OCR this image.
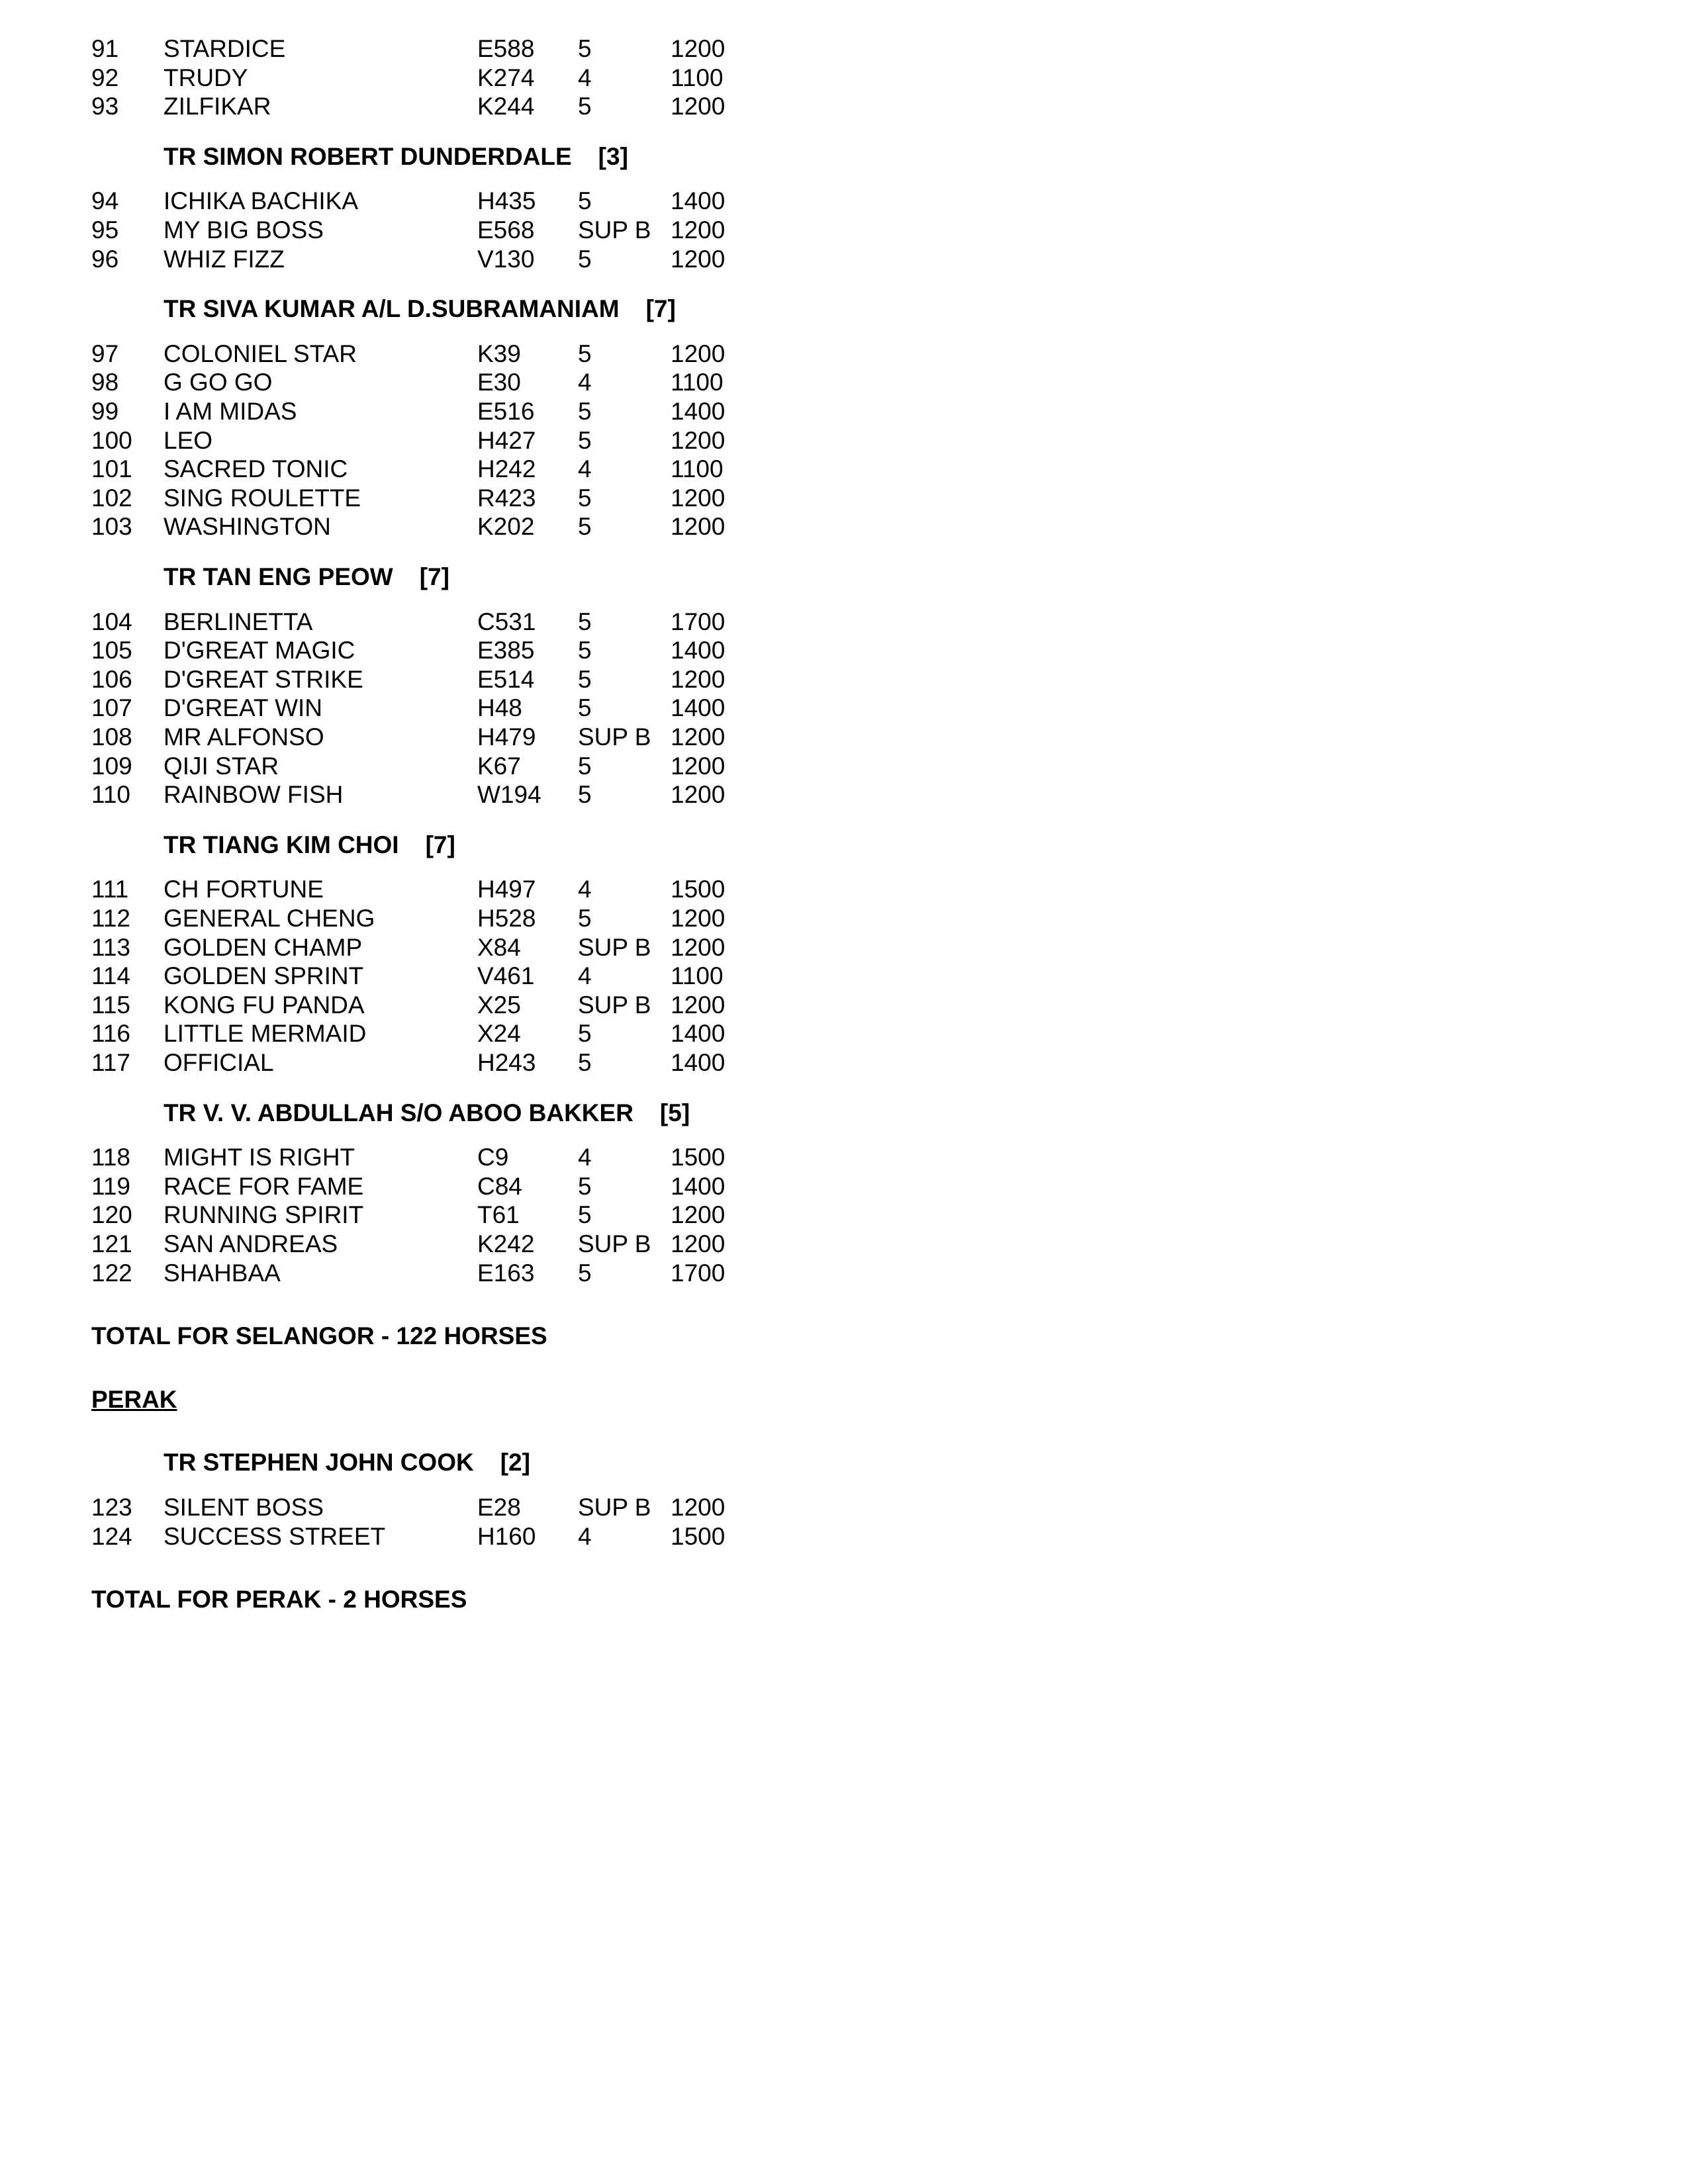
91 STARDICE	E588 5	1200
92 TRUDY	K274 4	1100
93 ZILFIKAR	K244 5	1200
TR SIMON ROBERT DUNDERDALE [3]
94 ICHIKA BACHIKA	H435 5	1400
95 MY BIG BOSS	E568 SUP B 1200
96 WHIZ FIZZ	V130 5	1200
TR SIVA KUMAR A/L D.SUBRAMANIAM [7]
97 COLONIEL STAR	K39 5	1200
98 G GO GO	E30 4	1100
99 I AM MIDAS	E516 5	1400
100 LEO	H427 5	1200
101 SACRED TONIC	H242 4	1100
102 SING ROULETTE	R423 5	1200
103 WASHINGTON	K202 5	1200
TR TAN ENG PEOW [7]
104 BERLINETTA	C531 5	1700
105 D'GREAT MAGIC	E385 5	1400
106 D'GREAT STRIKE	E514 5	1200
107 D'GREAT WIN	H48 5	1400
108 MR ALFONSO	H479 SUP B 1200
109 QIJI STAR	K67 5	1200
110 RAINBOW FISH	W194 5	1200
TR TIANG KIM CHOI [7]
111 CH FORTUNE	H497 4	1500
112 GENERAL CHENG	H528 5	1200
113 GOLDEN CHAMP	X84 SUP B 1200
114 GOLDEN SPRINT	V461 4	1100
115 KONG FU PANDA	X25 SUP B 1200
116 LITTLE MERMAID	X24 5	1400
117 OFFICIAL	H243 5	1400
TR V. V. ABDULLAH S/O ABOO BAKKER [5]
118 MIGHT IS RIGHT	C9	4	1500
119 RACE FOR FAME	C84 5	1400
120 RUNNING SPIRIT	T61 5	1200
121 SAN ANDREAS	K242 SUP B 1200
122 SHAHBAA	E163 5	1700
TOTAL FOR SELANGOR - 122 HORSES
PERAK
TR STEPHEN JOHN COOK [2]
123 SILENT BOSS	E28 SUP B 1200
124 SUCCESS STREET	H160 4	1500
TOTAL FOR PERAK - 2 HORSES
